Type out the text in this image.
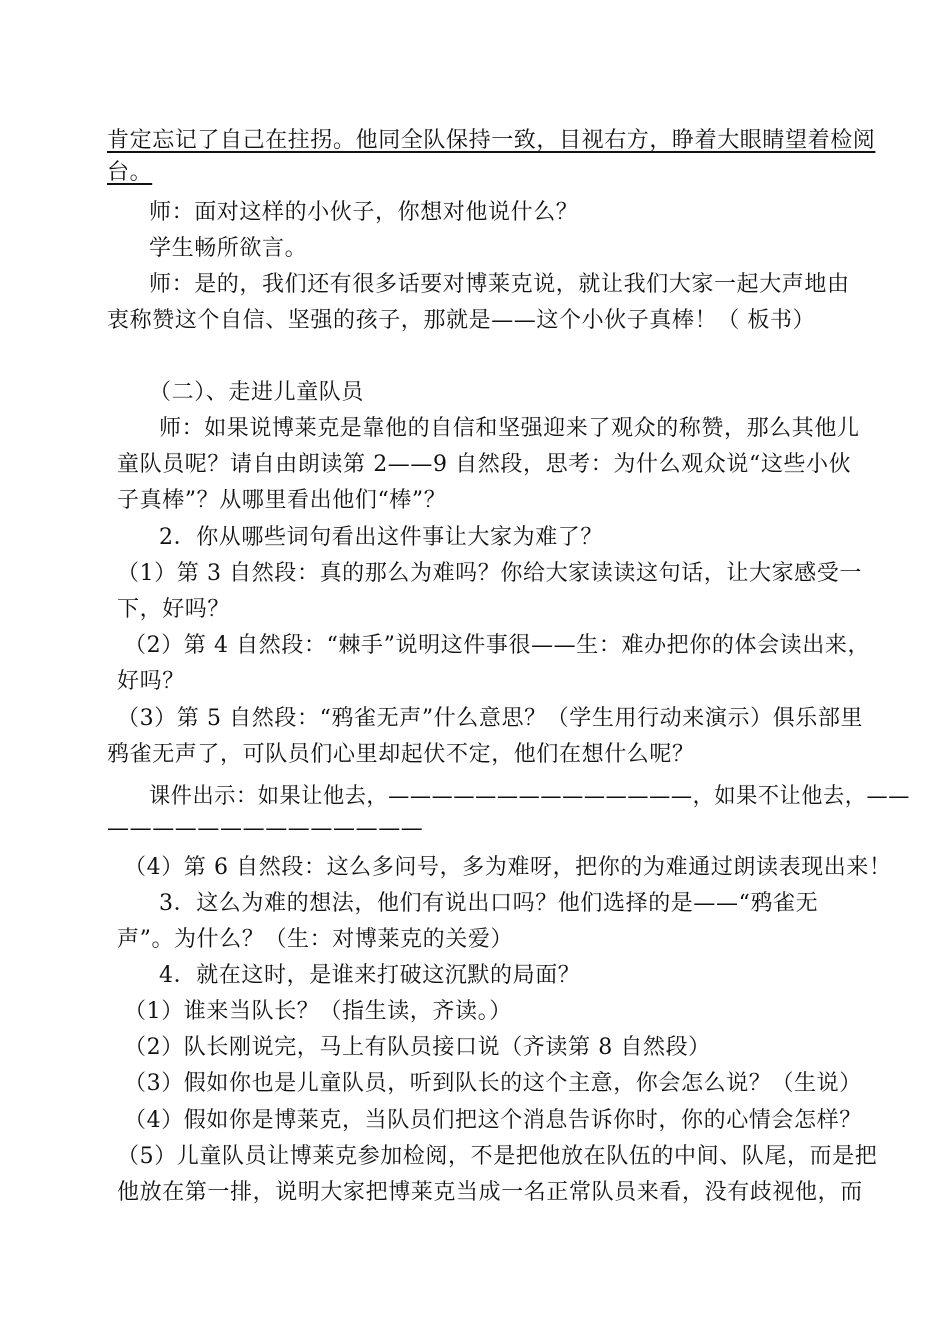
肯定忘记了自己在拄拐。他同全队保持一致，目视右方，睁着大眼睛望着检阅
台。
师：面对这样的小伙子，你想对他说什么？
学生畅所欲言。
师：是的，我们还有很多话要对博莱克说，就让我们大家一起大声地由
衷称赞这个自信、坚强的孩子，那就是——这个小伙子真棒！（ 板书）
（二）、走进儿童队员
师：如果说博莱克是靠他的自信和坚强迎来了观众的称赞，那么其他儿
童队员呢？请自由朗读第 2——9 自然段，思考：为什么观众说“这些小伙
子真棒”？从哪里看出他们“棒”？
2．你从哪些词句看出这件事让大家为难了？
（1）第 3 自然段：真的那么为难吗？你给大家读读这句话，让大家感受一
下，好吗？
（2）第 4 自然段：“棘手”说明这件事很——生：难办把你的体会读出来，
好吗？
（3）第 5 自然段：“鸦雀无声”什么意思？（学生用行动来演示）俱乐部里
鸦雀无声了，可队员们心里却起伏不定，他们在想什么呢？
课件出示：如果让他去，——————————————，如果不让他去，——
——————————————
（4）第 6 自然段：这么多问号，多为难呀，把你的为难通过朗读表现出来！
3．这么为难的想法，他们有说出口吗？他们选择的是——“鸦雀无
声”。为什么？（生：对博莱克的关爱）
4．就在这时，是谁来打破这沉默的局面？
（1）谁来当队长？（指生读，齐读。）
（2）队长刚说完，马上有队员接口说（齐读第 8 自然段）
（3）假如你也是儿童队员，听到队长的这个主意，你会怎么说？（生说）
（4）假如你是博莱克，当队员们把这个消息告诉你时，你的心情会怎样？
（5）儿童队员让博莱克参加检阅，不是把他放在队伍的中间、队尾，而是把
他放在第一排，说明大家把博莱克当成一名正常队员来看，没有歧视他，而
